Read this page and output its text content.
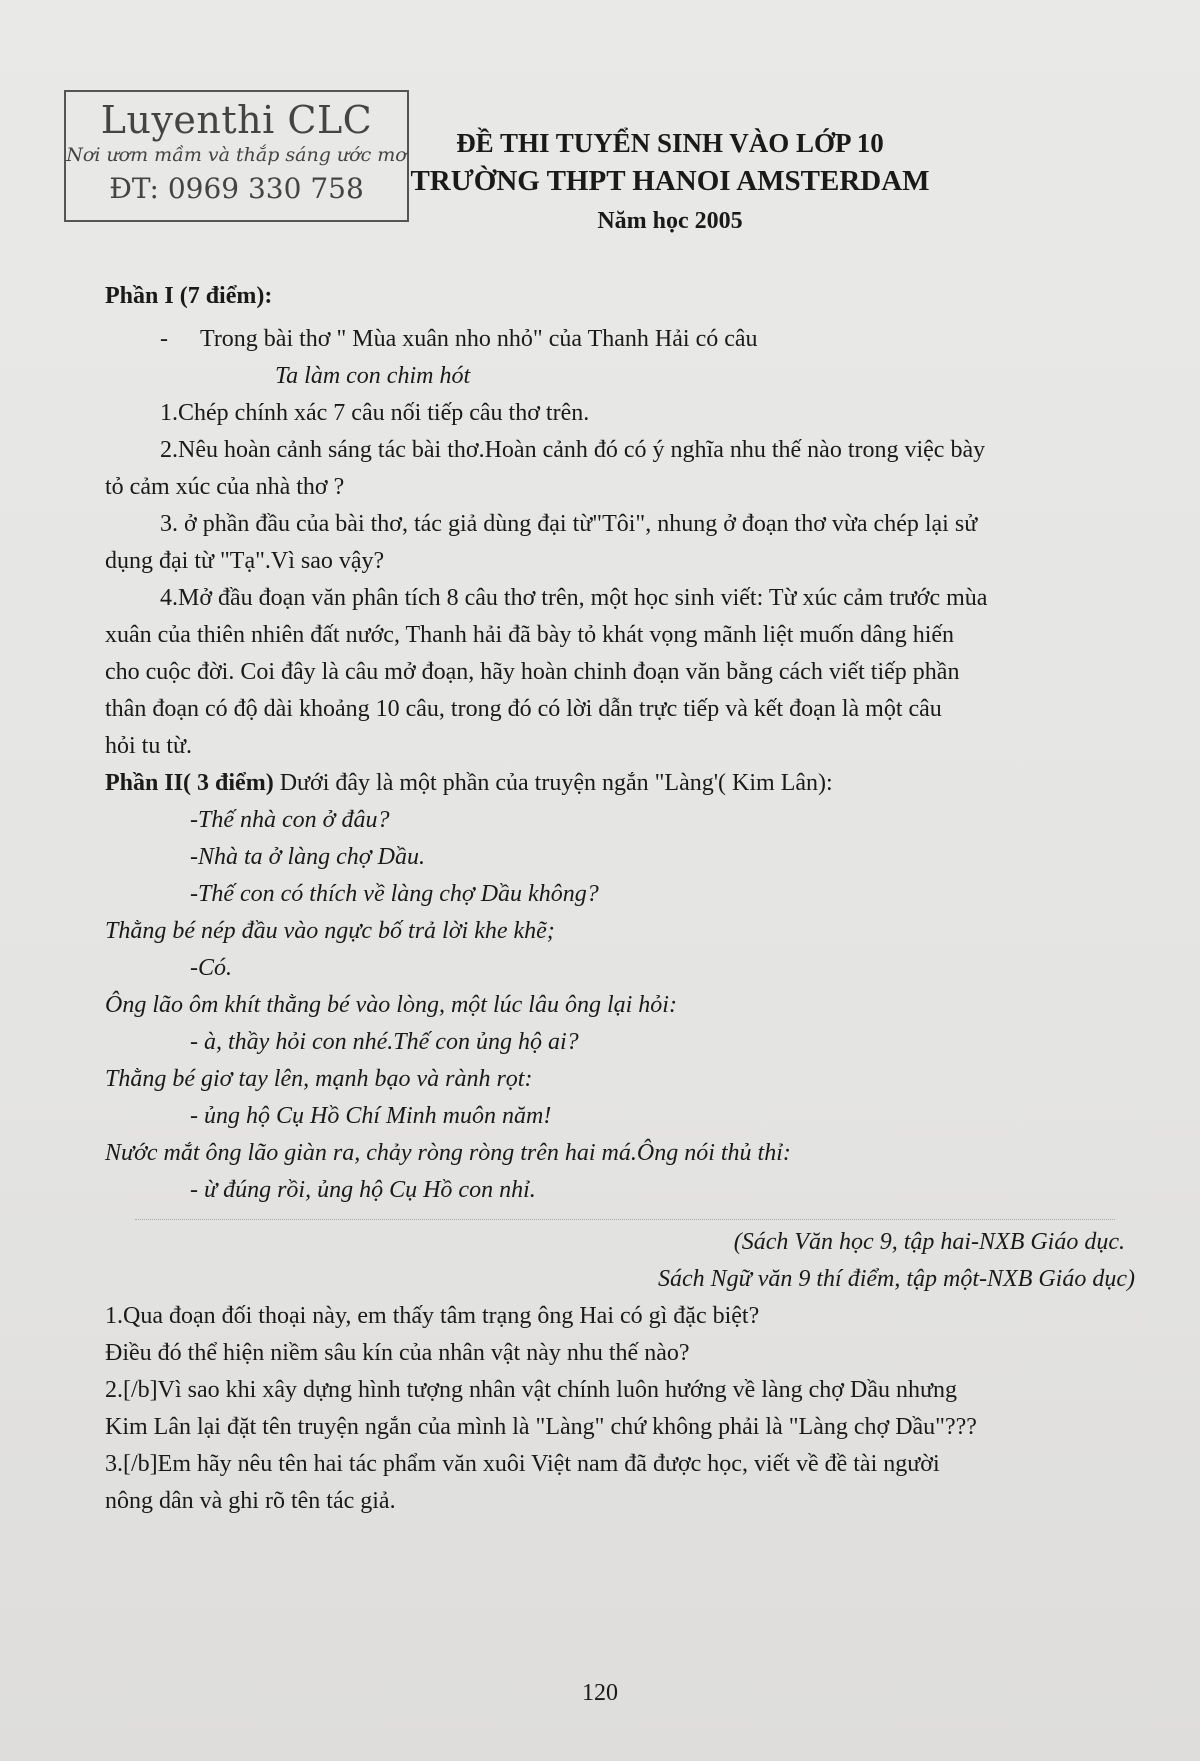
Luyenthi CLC
Nơi ươm mầm và thắp sáng ước mơ
ĐT: 0969 330 758
ĐỀ THI TUYỂN SINH VÀO LỚP 10
TRƯỜNG THPT HANOI AMSTERDAM
Năm học 2005

Phần I (7 điểm):

- Trong bài thơ " Mùa xuân nho nhỏ" của Thanh Hải có câu

Ta làm con chim hót

1.Chép chính xác 7 câu nối tiếp câu thơ trên.

2.Nêu hoàn cảnh sáng tác bài thơ.Hoàn cảnh đó có ý nghĩa nhu thế nào trong việc bày

tỏ cảm xúc của nhà thơ ?

3. ở phần đầu của bài thơ, tác giả dùng đại từ"Tôi", nhung ở đoạn thơ vừa chép lại sử

dụng đại từ "Tạ".Vì sao vậy?

4.Mở đầu đoạn văn phân tích 8 câu thơ trên, một học sinh viết: Từ xúc cảm trước mùa

xuân của thiên nhiên đất nước, Thanh hải đã bày tỏ khát vọng mãnh liệt muốn dâng hiến

cho cuộc đời. Coi đây là câu mở đoạn, hãy hoàn chinh đoạn văn bằng cách viết tiếp phần

thân đoạn có độ dài khoảng 10 câu, trong đó có lời dẫn trực tiếp và kết đoạn là một câu

hỏi tu từ.

Phần II( 3 điểm) Dưới đây là một phần của truyện ngắn "Làng'( Kim Lân):

-Thế nhà con ở đâu?

-Nhà ta ở làng chợ Dầu.

-Thế con có thích về làng chợ Dầu không?

Thằng bé nép đầu vào ngực bố trả lời khe khẽ;

-Có.

Ông lão ôm khít thằng bé vào lòng, một lúc lâu ông lại hỏi:

- à, thầy hỏi con nhé.Thế con ủng hộ ai?

Thằng bé giơ tay lên, mạnh bạo và rành rọt:

- ủng hộ Cụ Hồ Chí Minh muôn năm!

Nước mắt ông lão giàn ra, chảy ròng ròng trên hai má.Ông nói thủ thỉ:

- ừ đúng rồi, ủng hộ Cụ Hồ con nhỉ.

(Sách Văn học 9, tập hai-NXB Giáo dục.

Sách Ngữ văn 9 thí điểm, tập một-NXB Giáo dục)

1.Qua đoạn đối thoại này, em thấy tâm trạng ông Hai có gì đặc biệt?

Điều đó thể hiện niềm sâu kín của nhân vật này nhu thế nào?

2.[/b]Vì sao khi xây dựng hình tượng nhân vật chính luôn hướng về làng chợ Dầu nhưng

Kim Lân lại đặt tên truyện ngắn của mình là "Làng" chứ không phải là "Làng chợ Dầu"???

3.[/b]Em hãy nêu tên hai tác phẩm văn xuôi Việt nam đã được học, viết về đề tài người

nông dân và ghi rõ tên tác giả.

120
